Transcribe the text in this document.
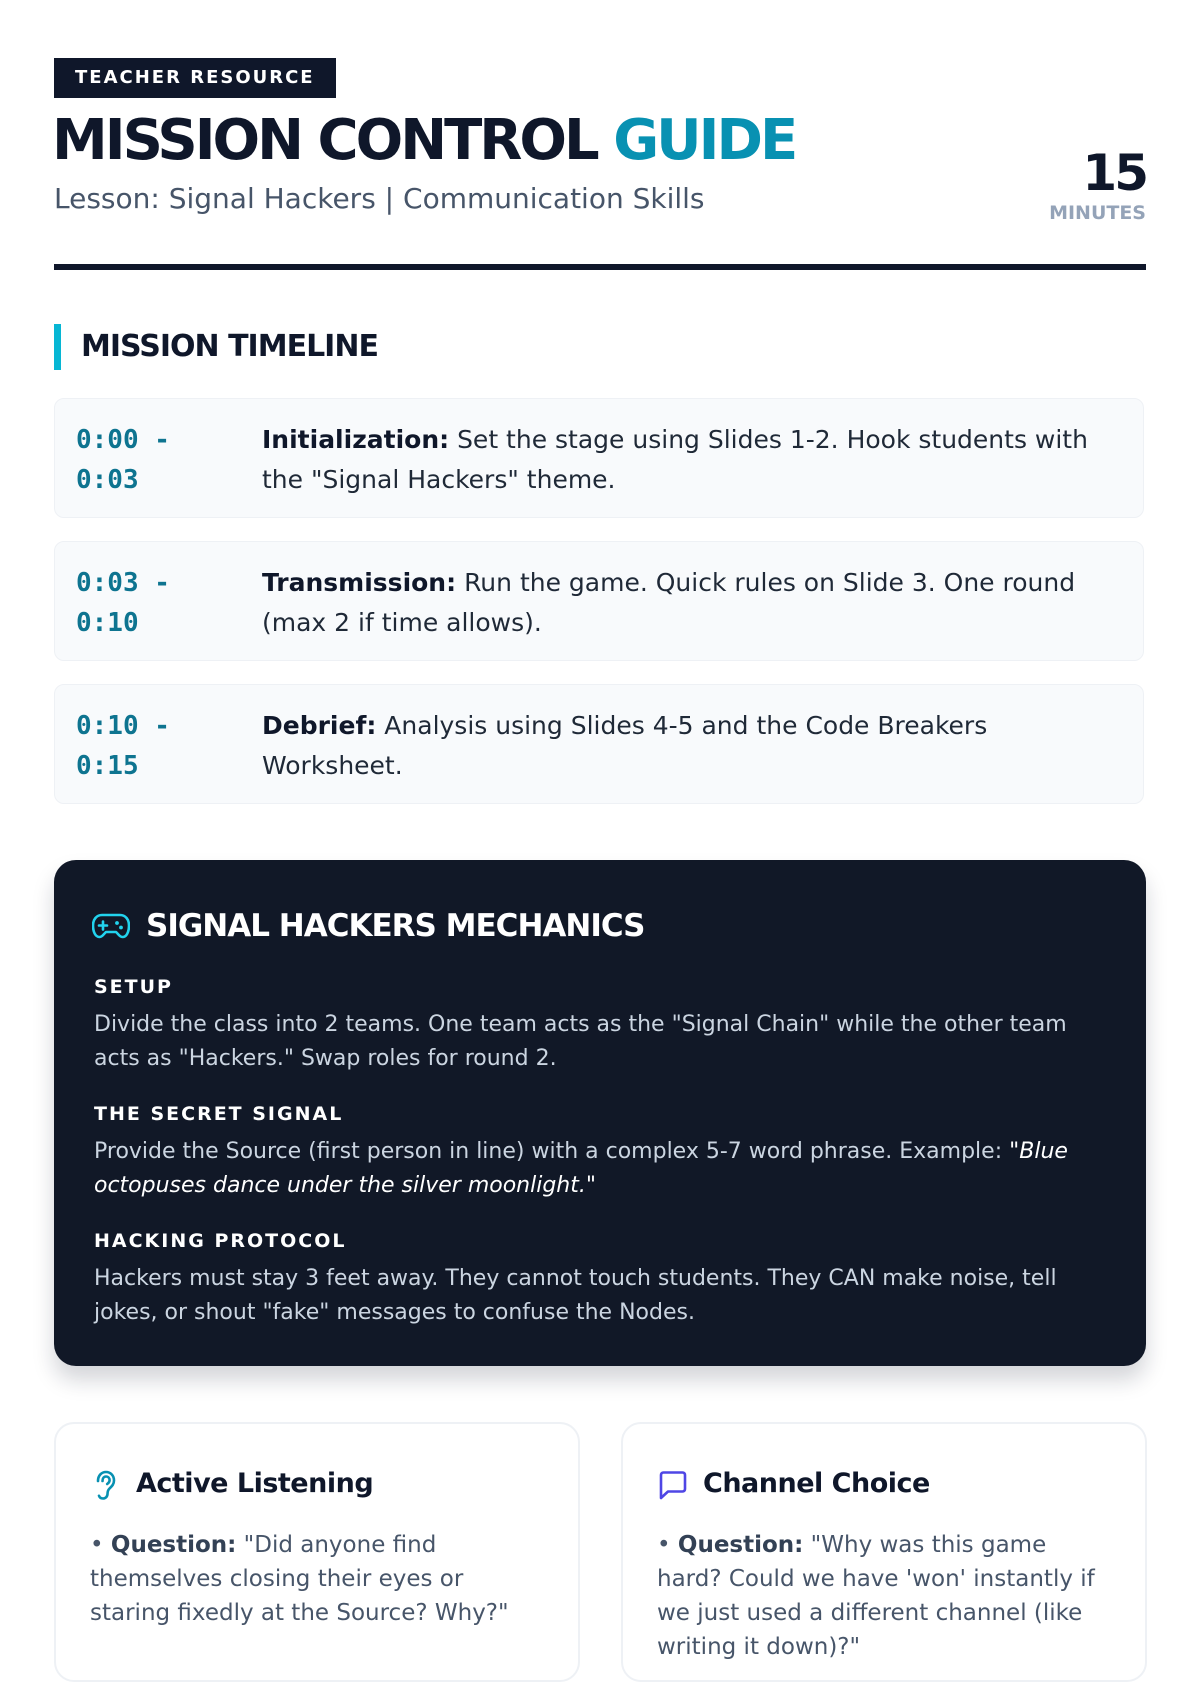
TEACHER RESOURCE
MISSION CONTROL GUIDE
Lesson: Signal Hackers | Communication Skills	15
MINUTES
MISSION TIMELINE
0:00 -
0:03
Initialization: Set the stage using Slides 1-2. Hook students with the "Signal Hackers" theme.
0:03 -
0:10
Transmission: Run the game. Quick rules on Slide 3. One round (max 2 if time allows).
0:10 -
0:15
Debrief: Analysis using Slides 4-5 and the Code Breakers Worksheet.
SIGNAL HACKERS MECHANICS
SETUP
Divide the class into 2 teams. One team acts as the "Signal Chain" while the other team acts as "Hackers." Swap roles for round 2.
THE SECRET SIGNAL
Provide the Source (first person in line) with a complex 5-7 word phrase. Example: "Blue octopuses dance under the silver moonlight."
HACKING PROTOCOL
Hackers must stay 3 feet away. They cannot touch students. They CAN make noise, tell jokes, or shout "fake" messages to confuse the Nodes.
Active Listening
• Question: "Did anyone find themselves closing their eyes or staring fixedly at the Source? Why?"
Channel Choice
• Question: "Why was this game hard? Could we have 'won' instantly if we just used a different channel (like writing it down)?"
